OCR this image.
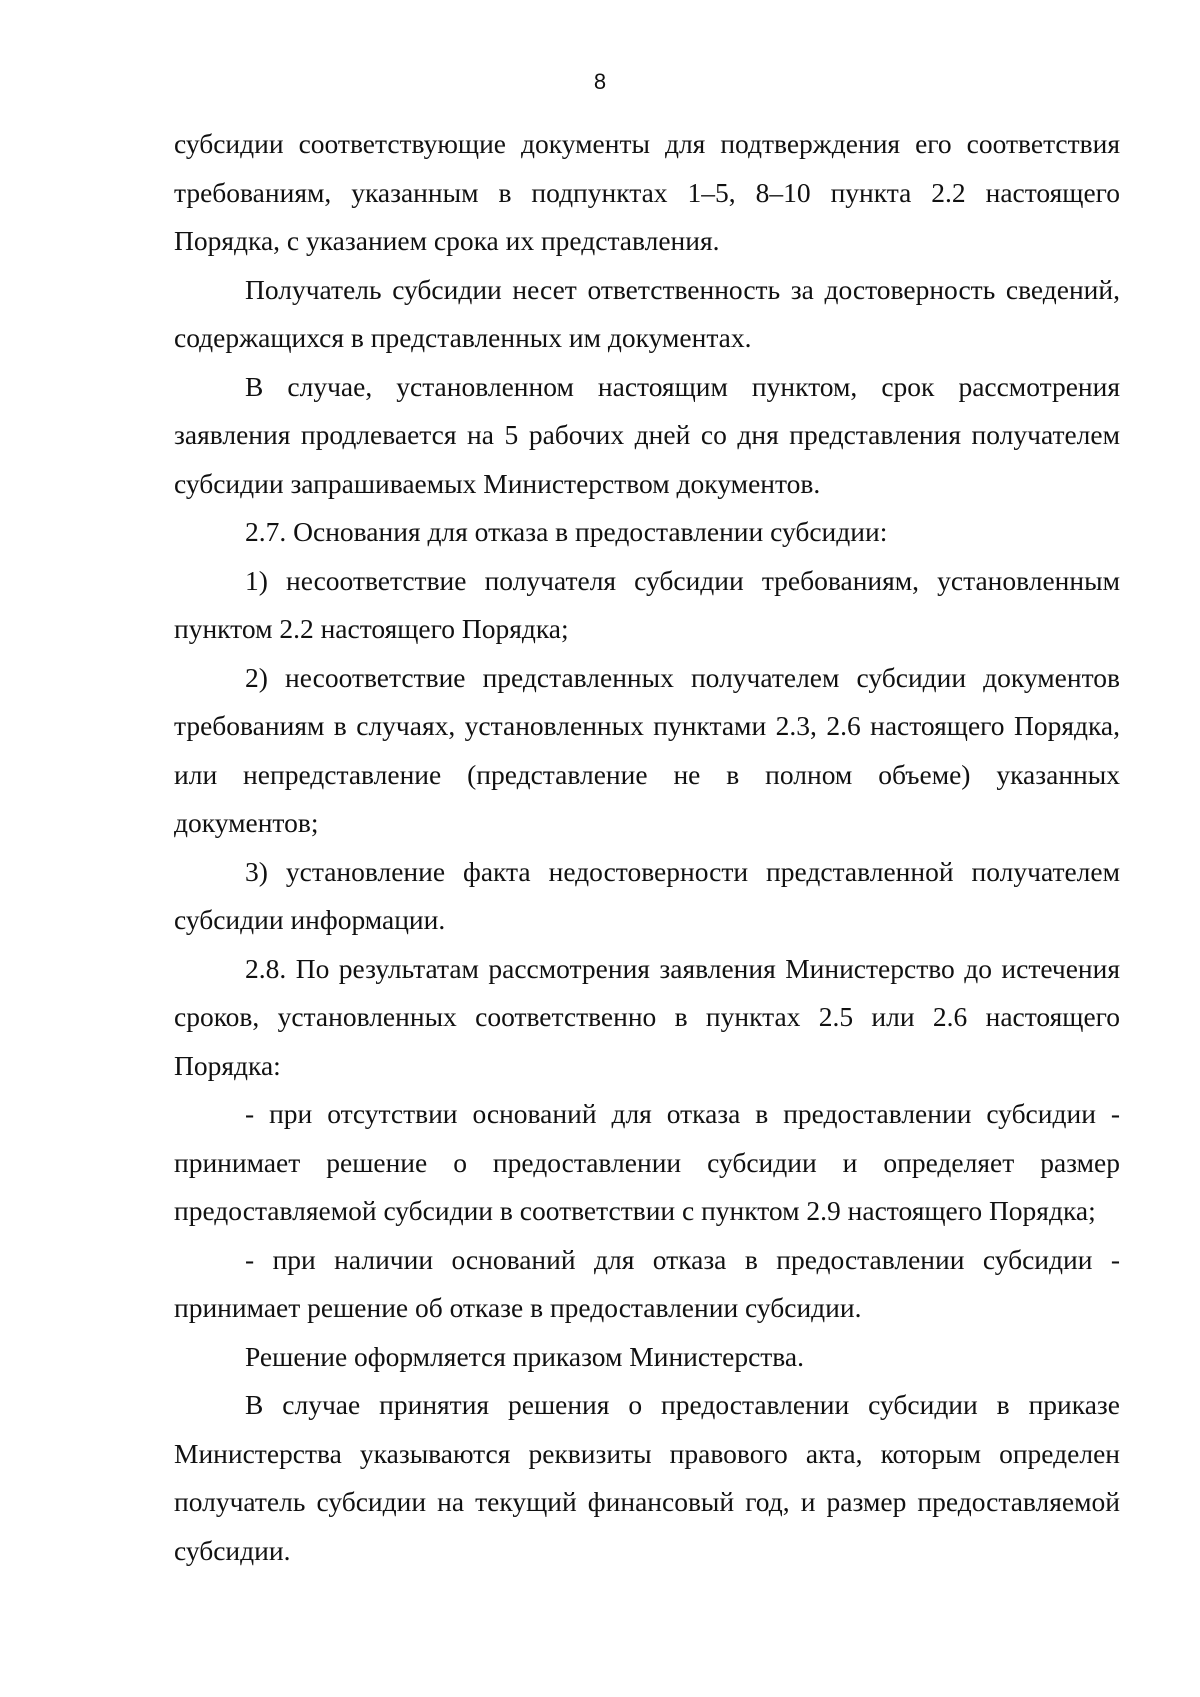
8

субсидии соответствующие документы для подтверждения его соответствия требованиям, указанным в подпунктах 1–5, 8–10 пункта 2.2 настоящего Порядка, с указанием срока их представления.

Получатель субсидии несет ответственность за достоверность сведений, содержащихся в представленных им документах.

В случае, установленном настоящим пунктом, срок рассмотрения заявления продлевается на 5 рабочих дней со дня представления получателем субсидии запрашиваемых Министерством документов.

2.7. Основания для отказа в предоставлении субсидии:

1) несоответствие получателя субсидии требованиям, установленным пунктом 2.2 настоящего Порядка;

2) несоответствие представленных получателем субсидии документов требованиям в случаях, установленных пунктами 2.3, 2.6 настоящего Порядка, или непредставление (представление не в полном объеме) указанных документов;

3) установление факта недостоверности представленной получателем субсидии информации.

2.8. По результатам рассмотрения заявления Министерство до истечения сроков, установленных соответственно в пунктах 2.5 или 2.6 настоящего Порядка:

- при отсутствии оснований для отказа в предоставлении субсидии - принимает решение о предоставлении субсидии и определяет размер предоставляемой субсидии в соответствии с пунктом 2.9 настоящего Порядка;

- при наличии оснований для отказа в предоставлении субсидии - принимает решение об отказе в предоставлении субсидии.

Решение оформляется приказом Министерства.

В случае принятия решения о предоставлении субсидии в приказе Министерства указываются реквизиты правового акта, которым определен получатель субсидии на текущий финансовый год, и размер предоставляемой субсидии.
